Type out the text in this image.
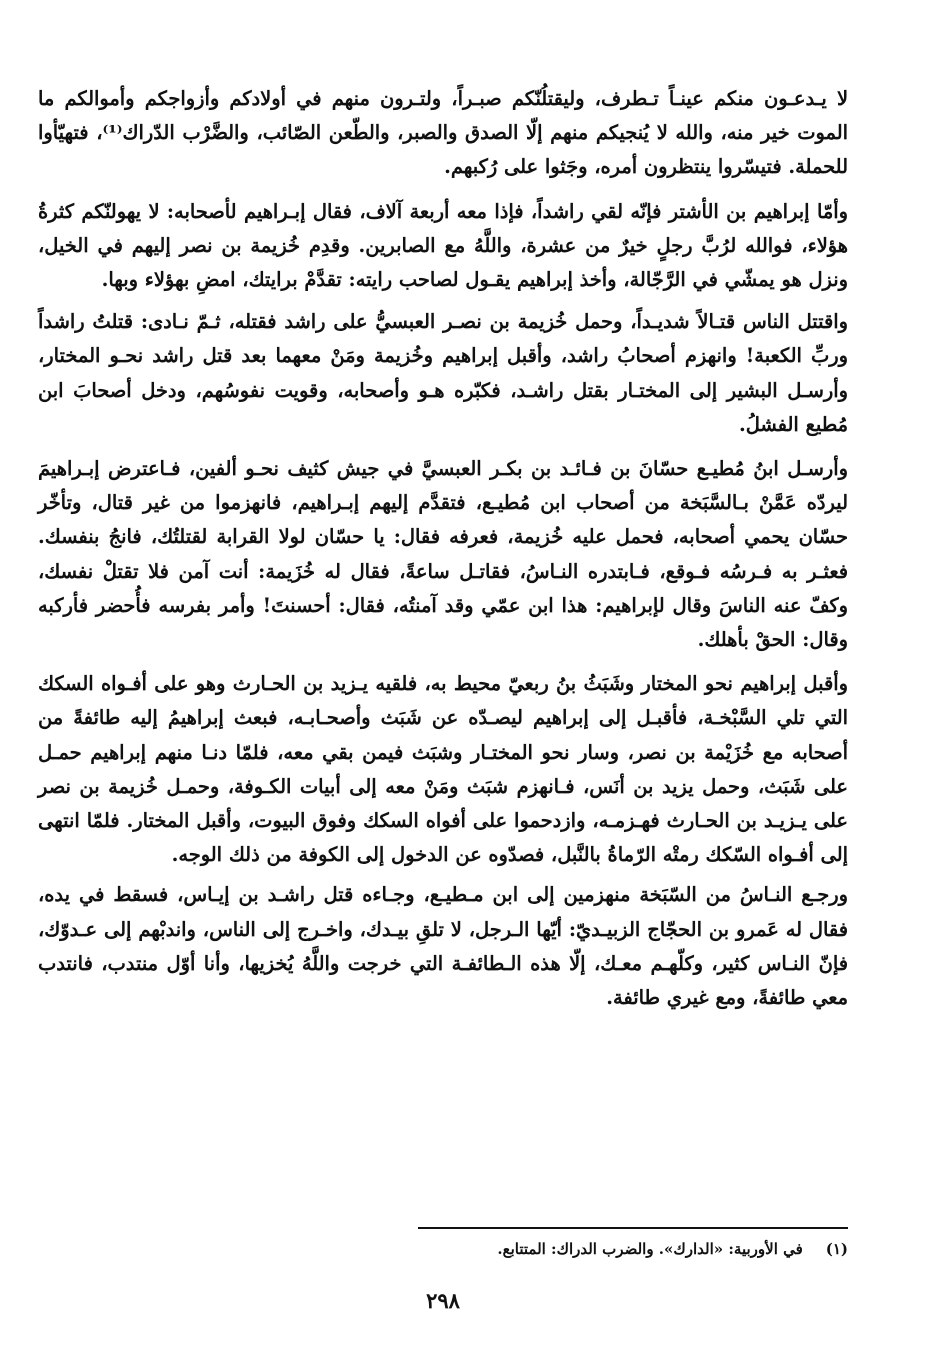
لا يـدعـون منكم عينـاً تـطرف، وليقتلُنّكم صبـراً، ولتـرون منهم في أولادكم وأزواجكم وأموالكم ما الموت خير منه، والله لا يُنجيكم منهم إلّا الصدق والصبر، والطّعن الصّائب، والضَّرْب الدّراك⁽¹⁾، فتهيّأوا للحملة. فتيسّروا ينتظرون أمره، وجَثوا على رُكبهم.

وأمّا إبراهيم بن الأشتر فإنّه لقي راشداً، فإذا معه أربعة آلاف، فقال إبـراهيم لأصحابه: لا يهولنّكم كثرةُ هؤلاء، فوالله لرُبَّ رجلٍ خيرٌ من عشرة، واللَّهُ مع الصابرين. وقدِم خُزيمة بن نصر إليهم في الخيل، ونزل هو يمشّي في الرَّجّالة، وأخذ إبراهيم يقـول لصاحب رايته: تقدَّمْ برايتك، امضِ بهؤلاء وبها.

واقتتل الناس قتـالاً شديـداً، وحمل خُزيمة بن نصـر العبسيُّ على راشد فقتله، ثـمّ نـادى: قتلتُ راشداً وربِّ الكعبة! وانهزم أصحابُ راشد، وأقبل إبراهيم وخُزيمة ومَنْ معهما بعد قتل راشد نحـو المختار، وأرسـل البشير إلى المختـار بقتل راشـد، فكبّره هـو وأصحابه، وقويت نفوسُهم، ودخل أصحابَ ابن مُطيع الفشلُ.

وأرسـل ابنُ مُطيـع حسّانَ بن فـائـد بن بكـر العبسيَّ في جيش كثيف نحـو ألفين، فـاعترض إبـراهيمَ ليردّه عَمَّنْ بـالسَّبَخة من أصحاب ابن مُطيـع، فتقدَّم إليهم إبـراهيم، فانهزموا من غير قتال، وتأخّر حسّان يحمي أصحابه، فحمل عليه خُزيمة، فعرفه فقال: يا حسّان لولا القرابة لقتلتُك، فانجُ بنفسك. فعثـر به فـرسُه فـوقع، فـابتدره النـاسُ، فقاتـل ساعةً، فقال له خُزَيمة: أنت آمن فلا تقتلْ نفسك، وكفّ عنه الناسَ وقال لإبراهيم: هذا ابن عمّي وقد آمنتُه، فقال: أحسنتَ! وأمر بفرسه فأُحضر فأركبه وقال: الحقْ بأهلك.

وأقبل إبراهيم نحو المختار وشَبَثُ بنُ ربعيّ محيط به، فلقيه يـزيد بن الحـارث وهو على أفـواه السكك التي تلي السَّبْخـة، فأقبـل إلى إبراهيم ليصـدّه عن شَبَث وأصحـابـه، فبعث إبراهيمُ إليه طائفةً من أصحابه مع خُزَيْمة بن نصر، وسار نحو المختـار وشبَث فيمن بقي معه، فلمّا دنـا منهم إبراهيم حمـل على شَبَث، وحمل يزيد بن أنَس، فـانهزم شبَث ومَنْ معه إلى أبيات الكـوفة، وحمـل خُزيمة بن نصر على يـزيـد بن الحـارث فهـزمـه، وازدحموا على أفواه السكك وفوق البيوت، وأقبل المختار. فلمّا انتهى إلى أفـواه السّكك رمتْه الرّماةُ بالنَّبل، فصدّوه عن الدخول إلى الكوفة من ذلك الوجه.

ورجـع النـاسُ من السّبَخة منهزمين إلى ابن مـطيـع، وجـاءه قتل راشـد بن إيـاس، فسقط في يده، فقال له عَمرو بن الحجّاج الزبيـديّ: أيّها الـرجل، لا تلقِ بيـدك، واخـرج إلى الناس، واندبْهم إلى عـدوّك، فإنّ النـاس كثير، وكلّهـم معـك، إلّا هذه الـطائفـة التي خرجت واللَّهُ يُخزيها، وأنا أوّل منتدب، فانتدب معي طائفةً، ومع غيري طائفة.

(١) في الأوربية: «الدارك». والضرب الدراك: المتتابع.
٢٩٨
